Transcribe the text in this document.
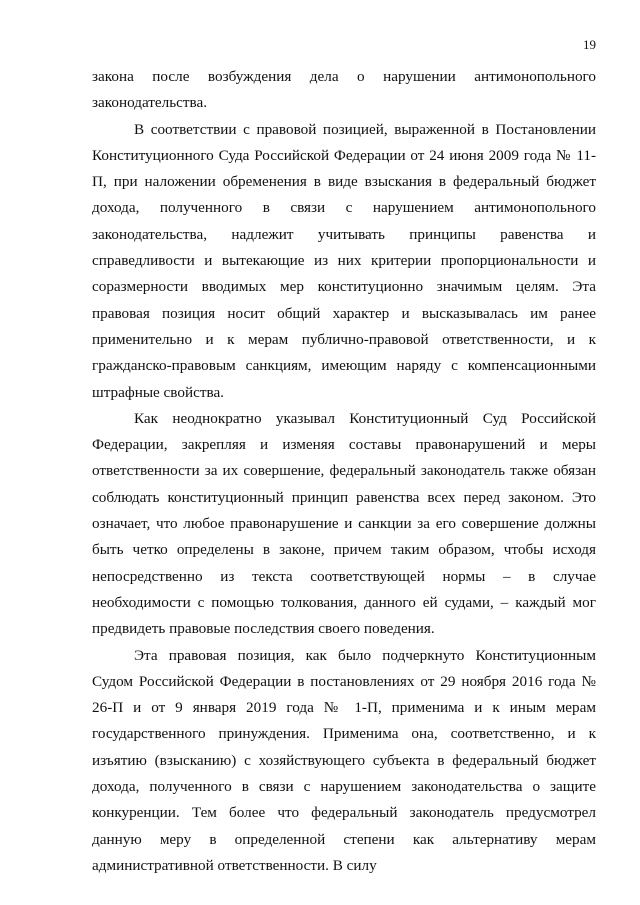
19

закона после возбуждения дела о нарушении антимонопольного законодательства.

В соответствии с правовой позицией, выраженной в Постановлении Конституционного Суда Российской Федерации от 24 июня 2009 года № 11-П, при наложении обременения в виде взыскания в федеральный бюджет дохода, полученного в связи с нарушением антимонопольного законодательства, надлежит учитывать принципы равенства и справедливости и вытекающие из них критерии пропорциональности и соразмерности вводимых мер конституционно значимым целям. Эта правовая позиция носит общий характер и высказывалась им ранее применительно и к мерам публично-правовой ответственности, и к гражданско-правовым санкциям, имеющим наряду с компенсационными штрафные свойства.

Как неоднократно указывал Конституционный Суд Российской Федерации, закрепляя и изменяя составы правонарушений и меры ответственности за их совершение, федеральный законодатель также обязан соблюдать конституционный принцип равенства всех перед законом. Это означает, что любое правонарушение и санкции за его совершение должны быть четко определены в законе, причем таким образом, чтобы исходя непосредственно из текста соответствующей нормы – в случае необходимости с помощью толкования, данного ей судами, – каждый мог предвидеть правовые последствия своего поведения.

Эта правовая позиция, как было подчеркнуто Конституционным Судом Российской Федерации в постановлениях от 29 ноября 2016 года № 26-П и от 9 января 2019 года № 1-П, применима и к иным мерам государственного принуждения. Применима она, соответственно, и к изъятию (взысканию) с хозяйствующего субъекта в федеральный бюджет дохода, полученного в связи с нарушением законодательства о защите конкуренции. Тем более что федеральный законодатель предусмотрел данную меру в определенной степени как альтернативу мерам административной ответственности. В силу
